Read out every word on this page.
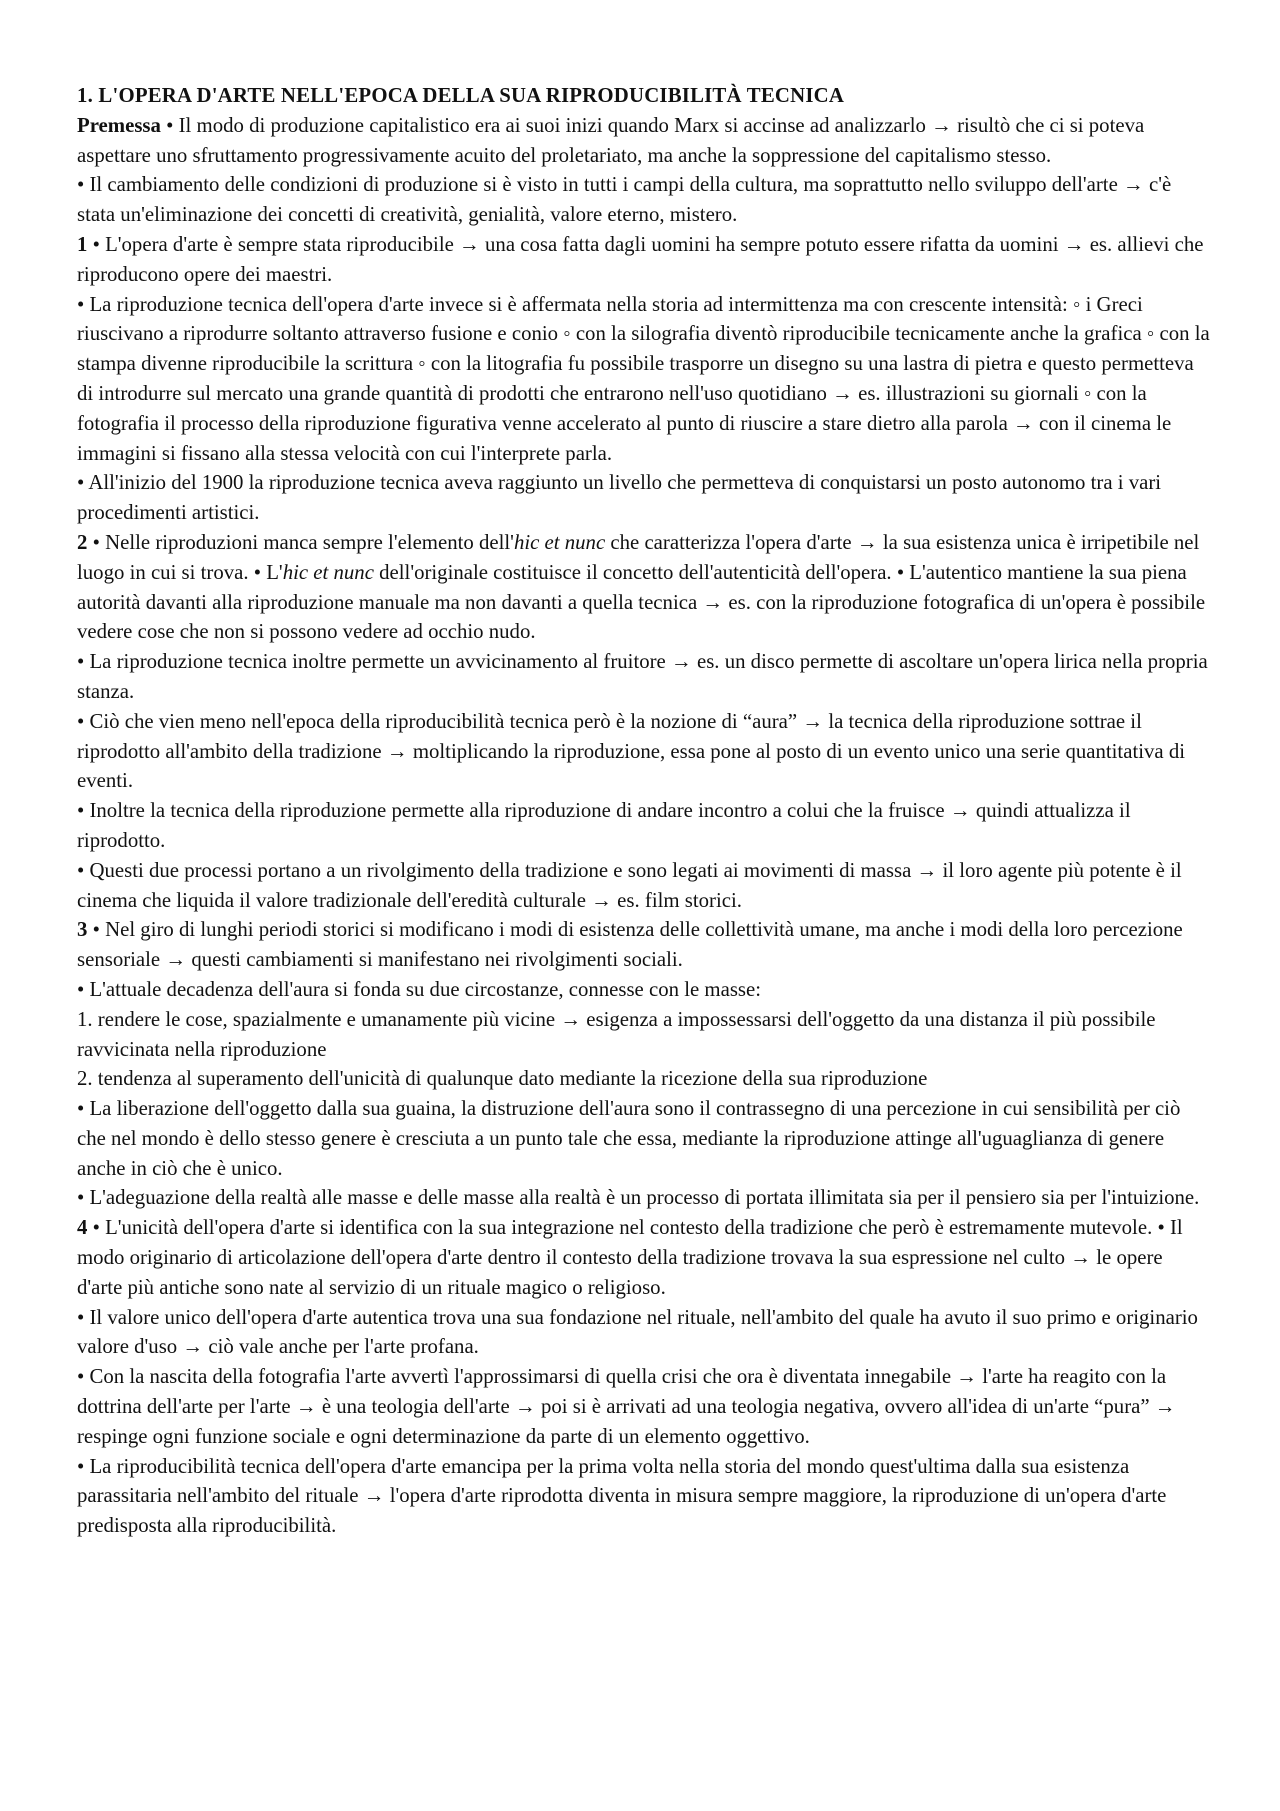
1. L'OPERA D'ARTE NELL'EPOCA DELLA SUA RIPRODUCIBILITÀ TECNICA

Premessa • Il modo di produzione capitalistico era ai suoi inizi quando Marx si accinse ad analizzarlo → risultò che ci si poteva aspettare uno sfruttamento progressivamente acuito del proletariato, ma anche la soppressione del capitalismo stesso.

• Il cambiamento delle condizioni di produzione si è visto in tutti i campi della cultura, ma soprattutto nello sviluppo dell'arte → c'è stata un'eliminazione dei concetti di creatività, genialità, valore eterno, mistero.

1 • L'opera d'arte è sempre stata riproducibile → una cosa fatta dagli uomini ha sempre potuto essere rifatta da uomini → es. allievi che riproducono opere dei maestri.

• La riproduzione tecnica dell'opera d'arte invece si è affermata nella storia ad intermittenza ma con crescente intensità: ◦ i Greci riuscivano a riprodurre soltanto attraverso fusione e conio ◦ con la silografia diventò riproducibile tecnicamente anche la grafica ◦ con la stampa divenne riproducibile la scrittura ◦ con la litografia fu possibile trasporre un disegno su una lastra di pietra e questo permetteva di introdurre sul mercato una grande quantità di prodotti che entrarono nell'uso quotidiano → es. illustrazioni su giornali ◦ con la fotografia il processo della riproduzione figurativa venne accelerato al punto di riuscire a stare dietro alla parola → con il cinema le immagini si fissano alla stessa velocità con cui l'interprete parla.

• All'inizio del 1900 la riproduzione tecnica aveva raggiunto un livello che permetteva di conquistarsi un posto autonomo tra i vari procedimenti artistici.

2 • Nelle riproduzioni manca sempre l'elemento dell'hic et nunc che caratterizza l'opera d'arte → la sua esistenza unica è irripetibile nel luogo in cui si trova. • L'hic et nunc dell'originale costituisce il concetto dell'autenticità dell'opera. • L'autentico mantiene la sua piena autorità davanti alla riproduzione manuale ma non davanti a quella tecnica → es. con la riproduzione fotografica di un'opera è possibile vedere cose che non si possono vedere ad occhio nudo.

• La riproduzione tecnica inoltre permette un avvicinamento al fruitore → es. un disco permette di ascoltare un'opera lirica nella propria stanza.

• Ciò che vien meno nell'epoca della riproducibilità tecnica però è la nozione di “aura” → la tecnica della riproduzione sottrae il riprodotto all'ambito della tradizione → moltiplicando la riproduzione, essa pone al posto di un evento unico una serie quantitativa di eventi.

• Inoltre la tecnica della riproduzione permette alla riproduzione di andare incontro a colui che la fruisce → quindi attualizza il riprodotto.

• Questi due processi portano a un rivolgimento della tradizione e sono legati ai movimenti di massa → il loro agente più potente è il cinema che liquida il valore tradizionale dell'eredità culturale → es. film storici.

3 • Nel giro di lunghi periodi storici si modificano i modi di esistenza delle collettività umane, ma anche i modi della loro percezione sensoriale → questi cambiamenti si manifestano nei rivolgimenti sociali.

• L'attuale decadenza dell'aura si fonda su due circostanze, connesse con le masse:

1. rendere le cose, spazialmente e umanamente più vicine → esigenza a impossessarsi dell'oggetto da una distanza il più possibile ravvicinata nella riproduzione

2. tendenza al superamento dell'unicità di qualunque dato mediante la ricezione della sua riproduzione

• La liberazione dell'oggetto dalla sua guaina, la distruzione dell'aura sono il contrassegno di una percezione in cui sensibilità per ciò che nel mondo è dello stesso genere è cresciuta a un punto tale che essa, mediante la riproduzione attinge all'uguaglianza di genere anche in ciò che è unico.

• L'adeguazione della realtà alle masse e delle masse alla realtà è un processo di portata illimitata sia per il pensiero sia per l'intuizione.

4 • L'unicità dell'opera d'arte si identifica con la sua integrazione nel contesto della tradizione che però è estremamente mutevole. • Il modo originario di articolazione dell'opera d'arte dentro il contesto della tradizione trovava la sua espressione nel culto → le opere d'arte più antiche sono nate al servizio di un rituale magico o religioso.

• Il valore unico dell'opera d'arte autentica trova una sua fondazione nel rituale, nell'ambito del quale ha avuto il suo primo e originario valore d'uso → ciò vale anche per l'arte profana.

• Con la nascita della fotografia l'arte avvertì l'approssimarsi di quella crisi che ora è diventata innegabile → l'arte ha reagito con la dottrina dell'arte per l'arte → è una teologia dell'arte → poi si è arrivati ad una teologia negativa, ovvero all'idea di un'arte “pura” → respinge ogni funzione sociale e ogni determinazione da parte di un elemento oggettivo.

• La riproducibilità tecnica dell'opera d'arte emancipa per la prima volta nella storia del mondo quest'ultima dalla sua esistenza parassitaria nell'ambito del rituale → l'opera d'arte riprodotta diventa in misura sempre maggiore, la riproduzione di un'opera d'arte predisposta alla riproducibilità.
